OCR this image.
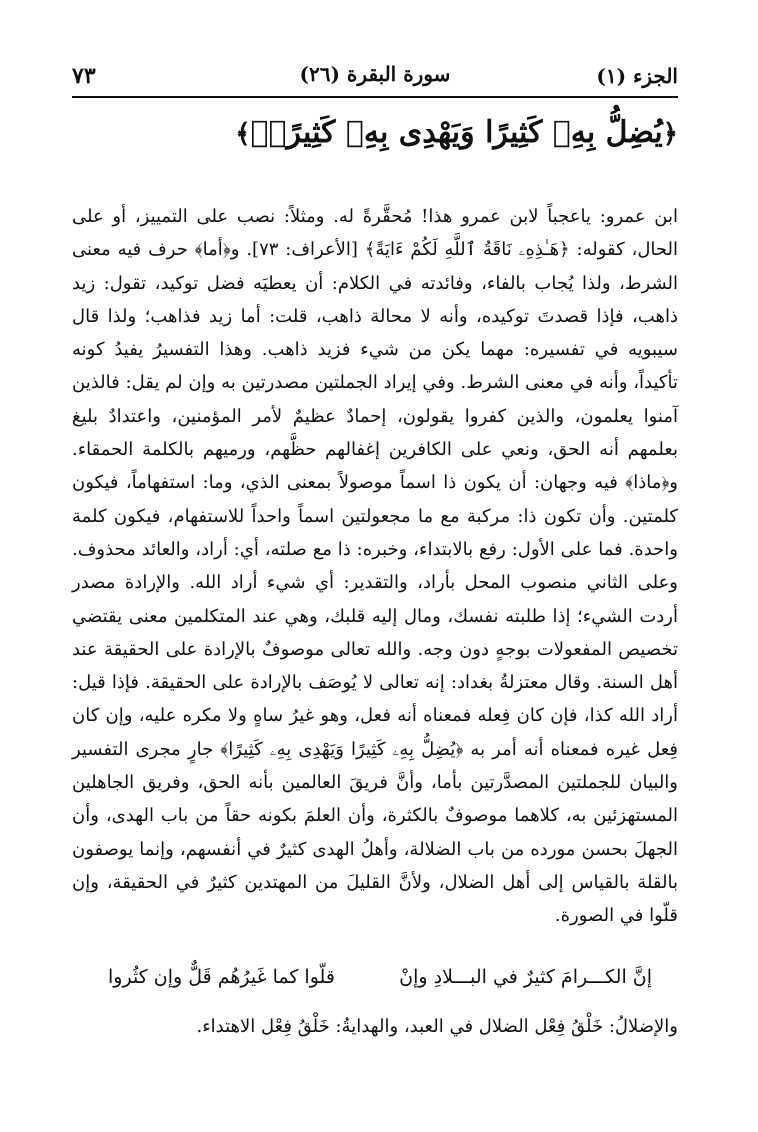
الجزء (١)
سورة البقرة (٢٦)
٧٣
﴿يُضِلُّ بِهِۦ كَثِيرًا وَيَهْدِى بِهِۦ كَثِيرًاۚ﴾

ابن عمرو: ياعجباً لابن عمرو هذا! مُحقَّرةً له. ومثلاً: نصب على التمييز، أو على الحال، كقوله: ﴿هَـٰذِهِۦ نَاقَةُ ٱللَّهِ لَكُمْ ءَايَةً﴾ [الأعراف: ٧٣]. و﴿أما﴾ حرف فيه معنى الشرط، ولذا يُجاب بالفاء، وفائدته في الكلام: أن يعطيَه فضل توكيد، تقول: زيد ذاهب، فإذا قصدتَ توكيده، وأنه لا محالة ذاهب، قلت: أما زيد فذاهب؛ ولذا قال سيبويه في تفسيره: مهما يكن من شيء فزيد ذاهب. وهذا التفسيرُ يفيدُ كونه تأكيداً، وأنه في معنى الشرط. وفي إيراد الجملتين مصدرتين به وإن لم يقل: فالذين آمنوا يعلمون، والذين كفروا يقولون، إحمادٌ عظيمٌ لأمر المؤمنين، واعتدادٌ بليغ بعلمهم أنه الحق، ونعي على الكافرين إغفالهم حظَّهم، ورميهم بالكلمة الحمقاء. و﴿ماذا﴾ فيه وجهان: أن يكون ذا اسماً موصولاً بمعنى الذي، وما: استفهاماً، فيكون كلمتين. وأن تكون ذا: مركبة مع ما مجعولتين اسماً واحداً للاستفهام، فيكون كلمة واحدة. فما على الأول: رفع بالابتداء، وخبره: ذا مع صلته، أي: أراد، والعائد محذوف. وعلى الثاني منصوب المحل بأراد، والتقدير: أي شيء أراد الله. والإرادة مصدر أردت الشيء؛ إذا طلبته نفسك، ومال إليه قلبك، وهي عند المتكلمين معنى يقتضي تخصيص المفعولات بوجهٍ دون وجه. والله تعالى موصوفٌ بالإرادة على الحقيقة عند أهل السنة. وقال معتزلةُ بغداد: إنه تعالى لا يُوصَف بالإرادة على الحقيقة. فإذا قيل: أراد الله كذا، فإن كان فِعله فمعناه أنه فعل، وهو غيرُ ساهٍ ولا مكره عليه، وإن كان فِعل غيره فمعناه أنه أمر به ﴿يُضِلُّ بِهِۦ كَثِيرًا وَيَهْدِى بِهِۦ كَثِيرًا﴾ جارٍ مجرى التفسير والبيان للجملتين المصدَّرتين بأما، وأنَّ فريقَ العالمين بأنه الحق، وفريق الجاهلين المستهزئين به، كلاهما موصوفٌ بالكثرة، وأن العلمَ بكونه حقاً من باب الهدى، وأن الجهلَ بحسن مورده من باب الضلالة، وأهلُ الهدى كثيرٌ في أنفسهم، وإنما يوصفون بالقلة بالقياس إلى أهل الضلال، ولأنَّ القليلَ من المهتدين كثيرٌ في الحقيقة، وإن قلّوا في الصورة.

إنَّ الكـــرامَ كثيرٌ في البـــلادِ وإنْ
قلّوا كما غَيرُهُم قَلٌّ وإن كثُروا
والإضلالُ: خَلْقُ فِعْل الضلال في العبد، والهدايةُ: خَلْقُ فِعْل الاهتداء.
